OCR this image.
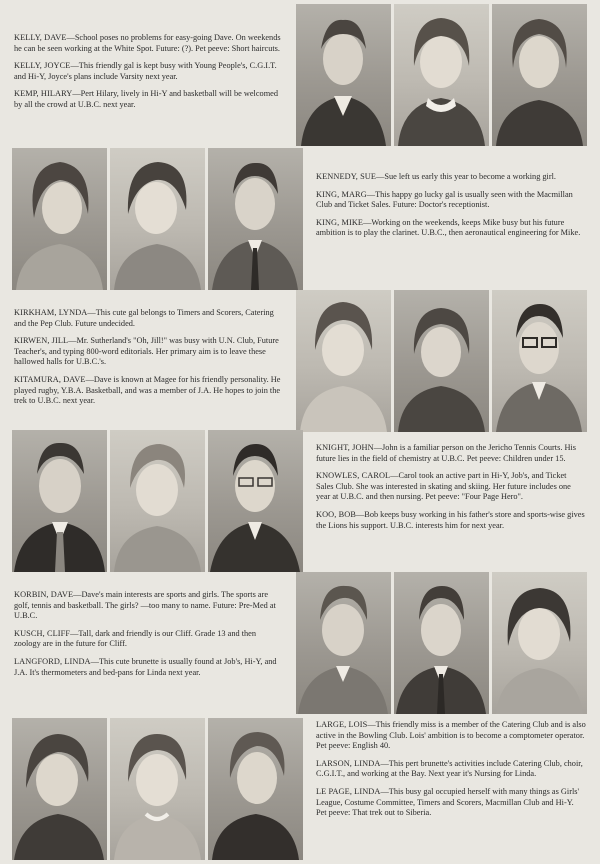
KELLY, DAVE—School poses no problems for easy-going Dave. On weekends he can be seen working at the White Spot. Future: (?). Pet peeve: Short haircuts.

KELLY, JOYCE—This friendly gal is kept busy with Young People's, C.G.I.T. and Hi-Y, Joyce's plans include Varsity next year.

KEMP, HILARY—Pert Hilary, lively in Hi-Y and basketball will be welcomed by all the crowd at U.B.C. next year.

KENNEDY, SUE—Sue left us early this year to become a working girl.

KING, MARG—This happy go lucky gal is usually seen with the Macmillan Club and Ticket Sales. Future: Doctor's receptionist.

KING, MIKE—Working on the weekends, keeps Mike busy but his future ambition is to play the clarinet. U.B.C., then aeronautical engineering for Mike.

KIRKHAM, LYNDA—This cute gal belongs to Timers and Scorers, Catering and the Pep Club. Future undecided.

KIRWEN, JILL—Mr. Sutherland's "Oh, Jill!" was busy with U.N. Club, Future Teacher's, and typing 800-word editorials. Her primary aim is to leave these hallowed halls for U.B.C.'s.

KITAMURA, DAVE—Dave is known at Magee for his friendly personality. He played rugby, Y.B.A. Basketball, and was a member of J.A. He hopes to join the trek to U.B.C. next year.

KNIGHT, JOHN—John is a familiar person on the Jericho Tennis Courts. His future lies in the field of chemistry at U.B.C. Pet peeve: Children under 15.

KNOWLES, CAROL—Carol took an active part in Hi-Y, Job's, and Ticket Sales Club. She was interested in skating and skiing. Her future includes one year at U.B.C. and then nursing. Pet peeve: "Four Page Hero".

KOO, BOB—Bob keeps busy working in his father's store and sports-wise gives the Lions his support. U.B.C. interests him for next year.

KORBIN, DAVE—Dave's main interests are sports and girls. The sports are golf, tennis and basketball. The girls? —too many to name. Future: Pre-Med at U.B.C.

KUSCH, CLIFF—Tall, dark and friendly is our Cliff. Grade 13 and then zoology are in the future for Cliff.

LANGFORD, LINDA—This cute brunette is usually found at Job's, Hi-Y, and J.A. It's thermometers and bed-pans for Linda next year.

LARGE, LOIS—This friendly miss is a member of the Catering Club and is also active in the Bowling Club. Lois' ambition is to become a comptometer operator. Pet peeve: English 40.

LARSON, LINDA—This pert brunette's activities include Catering Club, choir, C.G.I.T., and working at the Bay. Next year it's Nursing for Linda.

LE PAGE, LINDA—This busy gal occupied herself with many things as Girls' League, Costume Committee, Timers and Scorers, Macmillan Club and Hi-Y. Pet peeve: That trek out to Siberia.
